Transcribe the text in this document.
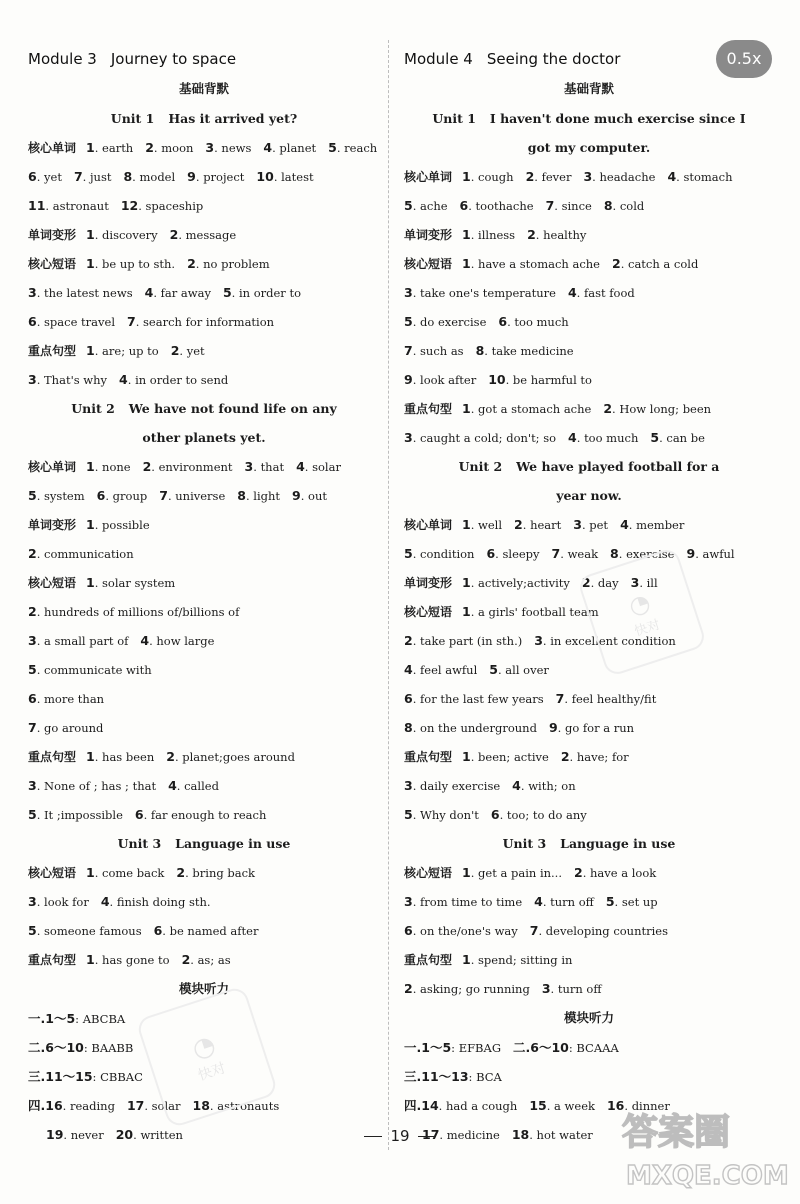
Module 3 Journey to space
基础背默
Unit 1 Has it arrived yet?
核心单词 1. earth 2. moon 3. news 4. planet 5. reach
6. yet 7. just 8. model 9. project 10. latest
11. astronaut 12. spaceship
单词变形 1. discovery 2. message
核心短语 1. be up to sth. 2. no problem
3. the latest news 4. far away 5. in order to
6. space travel 7. search for information
重点句型 1. are; up to 2. yet
3. That's why 4. in order to send
Unit 2 We have not found life on any
other planets yet.
核心单词 1. none 2. environment 3. that 4. solar
5. system 6. group 7. universe 8. light 9. out
单词变形 1. possible
2. communication
核心短语 1. solar system
2. hundreds of millions of/billions of
3. a small part of 4. how large
5. communicate with
6. more than
7. go around
重点句型 1. has been 2. planet;goes around
3. None of ; has ; that 4. called
5. It ;impossible 6. far enough to reach
Unit 3 Language in use
核心短语 1. come back 2. bring back
3. look for 4. finish doing sth.
5. someone famous 6. be named after
重点句型 1. has gone to 2. as; as
模块听力
一.1～5: ABCBA
二.6～10: BAABB
三.11～15: CBBAC
四.16. reading 17. solar 18. astronauts
19. never 20. written
Module 4 Seeing the doctor
基础背默
Unit 1 I haven't done much exercise since I
got my computer.
核心单词 1. cough 2. fever 3. headache 4. stomach
5. ache 6. toothache 7. since 8. cold
单词变形 1. illness 2. healthy
核心短语 1. have a stomach ache 2. catch a cold
3. take one's temperature 4. fast food
5. do exercise 6. too much
7. such as 8. take medicine
9. look after 10. be harmful to
重点句型 1. got a stomach ache 2. How long; been
3. caught a cold; don't; so 4. too much 5. can be
Unit 2 We have played football for a
year now.
核心单词 1. well 2. heart 3. pet 4. member
5. condition 6. sleepy 7. weak 8. exercise 9. awful
单词变形 1. actively;activity 2. day 3. ill
核心短语 1. a girls' football team
2. take part (in sth.) 3. in excellent condition
4. feel awful 5. all over
6. for the last few years 7. feel healthy/fit
8. on the underground 9. go for a run
重点句型 1. been; active 2. have; for
3. daily exercise 4. with; on
5. Why don't 6. too; to do any
Unit 3 Language in use
核心短语 1. get a pain in... 2. have a look
3. from time to time 4. turn off 5. set up
6. on the/one's way 7. developing countries
重点句型 1. spend; sitting in
2. asking; go running 3. turn off
模块听力
一.1～5: EFBAG 二.6～10: BCAAA
三.11～13: BCA
四.14. had a cough 15. a week 16. dinner
17. medicine 18. hot water
0.5x
19
◔
快对
◔
快对
答案圈
MXQE.COM
